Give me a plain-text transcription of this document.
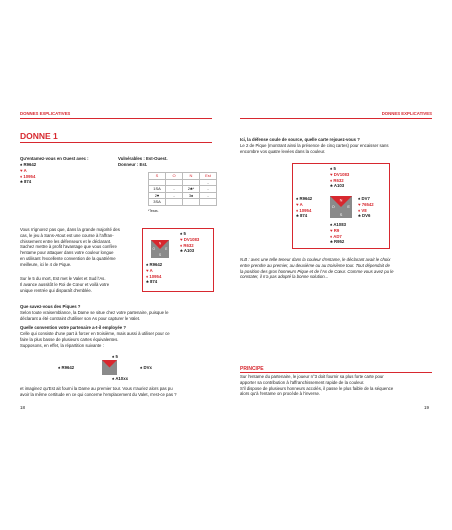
DONNES EXPLICATIVES
DONNE 1
Qu'entamez-vous en Ouest avec :
♠ R9642
♥ A
♦ 10954
♣ 874
Vulnérables : Est-Ouest.
Donneur : Est.
S	O	N	Est
			-
1SA	-	2♣*	-
2♥	-	3♠	-
3SA			
*Texas.
Vous n'ignorez pas que, dans la grande majorité des
cas, le jeu à Sans-Atout est une course à l'affran-
chissement entre les défenseurs et le déclarant.
Sachez mettre à profit l'avantage que vous confère
l'entame pour attaquer dans votre couleur longue
en utilisant l'excellente convention de la quatrième
meilleure, ici le 4 de Pique.
Sur le 5 du mort, Est met le Valet et Sud l'As.
Il avance aussitôt le Roi de Cœur et voilà votre
unique rentrée qui disparaît d'emblée.
♠ 5
♥ DV1083
♦ R632
♣ A103
N
O	E
S
♠ R9642
♥ A
♦ 10954
♣ 874
Que savez-vous des Piques ?
Selon toute vraisemblance, la Dame se situe chez votre partenaire, puisque le
déclarant a été contraint d'utiliser son As pour capturer le Valet.
Quelle convention votre partenaire a-t-il employée ?
Celle qui consiste d'une part à forcer en troisième, mais aussi à utiliser pour ce
faire la plus basse de plusieurs cartes équivalentes.
Supposons, en effet, la répartition suivante :
♠ 5
♠ R9642	♠ DVx
♠ A10xx
et imaginez qu'Est ait fourni la Dame au premier tour. Vous n'auriez alors pas pu
avoir la même certitude en ce qui concerne l'emplacement du Valet, n'est-ce pas ?
18
DONNES EXPLICATIVES
Ici, la défense coule de source, quelle carte rejouez-vous ?
Le 2 de Pique (montrant ainsi la présence de cinq cartes) pour encaisser sans
encombre vos quatre levées dans la couleur.
♠ 5
♥ DV1083
♦ R632
♣ A103
♠ R9642
♥ A
♦ 10954
♣ 874
N
O	E
S
♠ DV7
♥ 76542
♦ V8
♣ DV6
♠ A1083
♥ R9
♦ AD7
♣ R952
N.B : avec une telle teneur dans la couleur d'entame, le déclarant avait le choix
entre prendre au premier, au deuxième ou au troisième tour. Tout dépendait de
la position des gros honneurs Pique et de l'As de Cœur. Comme vous avez pu le
constater, il n'a pas adopté la bonne solution...
PRINCIPE
Sur l'entame du partenaire, le joueur n°3 doit fournir sa plus forte carte pour
apporter sa contribution à l'affranchissement rapide de la couleur.
S'il dispose de plusieurs honneurs accolés, il passe le plus faible de la séquence
alors qu'à l'entame on procède à l'inverse.
19
